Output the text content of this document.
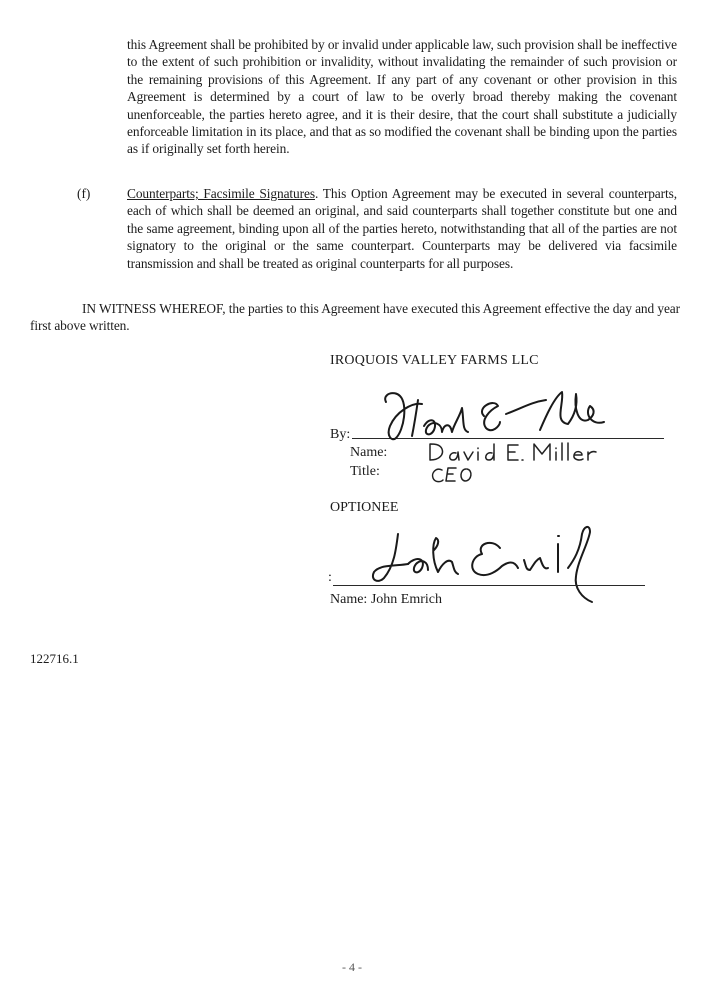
this Agreement shall be prohibited by or invalid under applicable law, such provision shall be ineffective to the extent of such prohibition or invalidity, without invalidating the remainder of such provision or the remaining provisions of this Agreement. If any part of any covenant or other provision in this Agreement is determined by a court of law to be overly broad thereby making the covenant unenforceable, the parties hereto agree, and it is their desire, that the court shall substitute a judicially enforceable limitation in its place, and that as so modified the covenant shall be binding upon the parties as if originally set forth herein.

(f)	Counterparts; Facsimile Signatures. This Option Agreement may be executed in several counterparts, each of which shall be deemed an original, and said counterparts shall together constitute but one and the same agreement, binding upon all of the parties hereto, notwithstanding that all of the parties are not signatory to the original or the same counterpart. Counterparts may be delivered via facsimile transmission and shall be treated as original counterparts for all purposes.

IN WITNESS WHEREOF, the parties to this Agreement have executed this Agreement effective the day and year first above written.

IROQUOIS VALLEY FARMS LLC
By:
Name:
Title:
OPTIONEE
:
Name: John Emrich
122716.1
- 4 -
